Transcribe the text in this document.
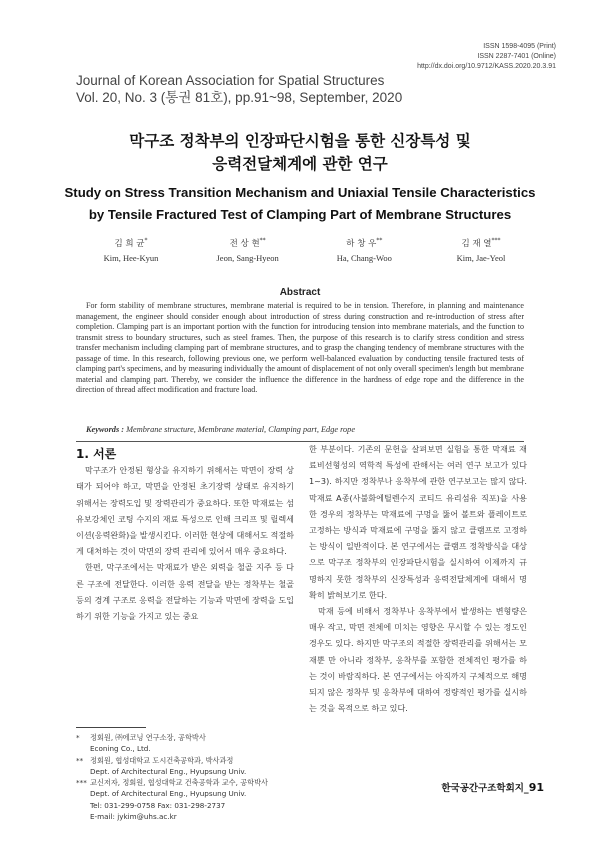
ISSN 1598-4095 (Print)
ISSN 2287-7401 (Online)
http://dx.doi.org/10.9712/KASS.2020.20.3.91
Journal of Korean Association for Spatial Structures
Vol. 20, No. 3 (통권 81호), pp.91~98, September, 2020
막구조 정착부의 인장파단시험을 통한 신장특성 및
응력전달체계에 관한 연구
Study on Stress Transition Mechanism and Uniaxial Tensile Characteristics
by Tensile Fractured Test of Clamping Part of Membrane Structures
김 희 균*
Kim, Hee-Kyun
전 상 현**
Jeon, Sang-Hyeon
하 창 우**
Ha, Chang-Woo
김 재 열***
Kim, Jae-Yeol
Abstract
For form stability of membrane structures, membrane material is required to be in tension. Therefore, in planning and maintenance management, the engineer should consider enough about introduction of stress during construction and re-introduction of stress after completion. Clamping part is an important portion with the function for introducing tension into membrane materials, and the function to transmit stress to boundary structures, such as steel frames. Then, the purpose of this research is to clarify stress condition and stress transfer mechanism including clamping part of membrane structures, and to grasp the changing tendency of membrane structures with the passage of time. In this research, following previous one, we perform well-balanced evaluation by conducting tensile fractured tests of clamping part's specimens, and by measuring individually the amount of displacement of not only overall specimen's length but membrane material and clamping part. Thereby, we consider the influence the difference in the hardness of edge rope and the difference in the direction of thread affect modification and fracture load.
Keywords : Membrane structure, Membrane material, Clamping part, Edge rope

1. 서론

막구조가 안정된 형상을 유지하기 위해서는 막면이 장력 상태가 되어야 하고, 막면을 안정된 초기장력 상태로 유지하기 위해서는 장력도입 및 장력관리가 중요하다. 또한 막재료는 섬유보강체인 코팅 수지의 재료 특성으로 인해 크리프 및 릴렉세이션(응력완화)을 발생시킨다. 이러한 현상에 대해서도 적절하게 대처하는 것이 막면의 장력 관리에 있어서 매우 중요하다.

한편, 막구조에서는 막재료가 받은 외력을 철골 지주 등 다른 구조에 전달한다. 이러한 응력 전달을 받는 정착부는 철골 등의 경계 구조로 응력을 전달하는 기능과 막면에 장력을 도입하기 위한 기능을 가지고 있는 중요

한 부분이다. 기존의 문헌을 살펴보면 실험을 통한 막재료 재료비선형성의 역학적 특성에 관해서는 여러 연구 보고가 있다1~3). 하지만 정착부나 응착부에 관한 연구보고는 많지 않다. 막재료 A종(사불화에틸렌수지 코티드 유리섬유 직포)을 사용한 경우의 정착부는 막재료에 구멍을 뚫어 볼트와 플레이트로 고정하는 방식과 막재료에 구멍을 뚫지 않고 클램프로 고정하는 방식이 일반적이다. 본 연구에서는 클램프 정착방식을 대상으로 막구조 정착부의 인장파단시험을 실시하여 이제까지 규명하지 못한 정착부의 신장특성과 응력전달체계에 대해서 명확히 밝혀보기로 한다.

막재 등에 비해서 정착부나 응착부에서 발생하는 변형량은 매우 작고, 막면 전체에 미치는 영향은 무시할 수 있는 정도인 경우도 있다. 하지만 막구조의 적절한 장력관리를 위해서는 모재뿐 만 아니라 정착부, 응착부를 포함한 전체적인 평가를 하는 것이 바람직하다. 본 연구에서는 아직까지 구체적으로 해명되지 않은 정착부 및 응착부에 대하여 정량적인 평가를 실시하는 것을 목적으로 하고 있다.

*	정회원, ㈜에코닝 연구소장, 공학박사
Econing Co., Ltd.
** 정회원, 협성대학교 도시건축공학과, 박사과정
Dept. of Architectural Eng., Hyupsung Univ.
*** 교신저자, 정회원, 협성대학교 건축공학과 교수, 공학박사
Dept. of Architectural Eng., Hyupsung Univ.
Tel: 031-299-0758 Fax: 031-298-2737
E-mail: jykim@uhs.ac.kr
한국공간구조학회지_91
